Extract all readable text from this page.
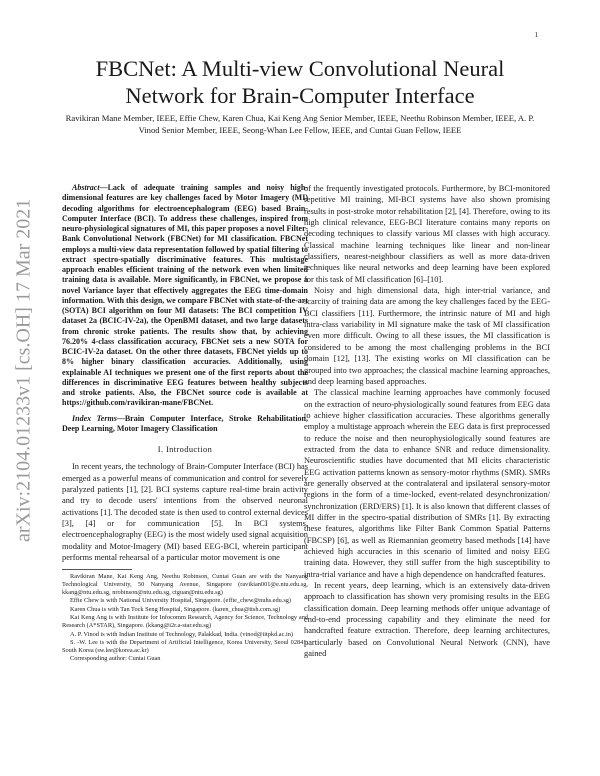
1
arXiv:2104.01233v1 [cs.OH] 17 Mar 2021
FBCNet: A Multi-view Convolutional Neural Network for Brain-Computer Interface

Ravikiran Mane Member, IEEE, Effie Chew, Karen Chua, Kai Keng Ang Senior Member, IEEE, Neethu Robinson Member, IEEE, A. P. Vinod Senior Member, IEEE, Seong-Whan Lee Fellow, IEEE, and Cuntai Guan Fellow, IEEE

Abstract—Lack of adequate training samples and noisy high-dimensional features are key challenges faced by Motor Imagery (MI) decoding algorithms for electroencephalogram (EEG) based Brain-Computer Interface (BCI). To address these challenges, inspired from neuro-physiological signatures of MI, this paper proposes a novel Filter-Bank Convolutional Network (FBCNet) for MI classification. FBCNet employs a multi-view data representation followed by spatial filtering to extract spectro-spatially discriminative features. This multistage approach enables efficient training of the network even when limited training data is available. More significantly, in FBCNet, we propose a novel Variance layer that effectively aggregates the EEG time-domain information. With this design, we compare FBCNet with state-of-the-art (SOTA) BCI algorithm on four MI datasets: The BCI competition IV dataset 2a (BCIC-IV-2a), the OpenBMI dataset, and two large datasets from chronic stroke patients. The results show that, by achieving 76.20% 4-class classification accuracy, FBCNet sets a new SOTA for BCIC-IV-2a dataset. On the other three datasets, FBCNet yields up to 8% higher binary classification accuracies. Additionally, using explainable AI techniques we present one of the first reports about the differences in discriminative EEG features between healthy subjects and stroke patients. Also, the FBCNet source code is available at https://github.com/ravikiran-mane/FBCNet.

Index Terms—Brain Computer Interface, Stroke Rehabilitation, Deep Learning, Motor Imagery Classification

I. Introduction

In recent years, the technology of Brain-Computer Interface (BCI) has emerged as a powerful means of communication and control for severely paralyzed patients [1], [2]. BCI systems capture real-time brain activity and try to decode users' intentions from the observed neuronal activations [1]. The decoded state is then used to control external devices [3], [4] or for communication [5]. In BCI systems, electroencephalography (EEG) is the most widely used signal acquisition modality and Motor-Imagery (MI) based EEG-BCI, wherein participant performs mental rehearsal of a particular motor movement is one

Ravikiran Mane, Kai Keng Ang, Neethu Robinson, Cuntai Guan are with the Nanyang Technological University, 50 Nanyang Avenue, Singapore (ravikian001@e.ntu.edu.sg, kkang@ntu.edu.sg, nrobinson@ntu.edu.sg, ctguan@ntu.edu.sg)

Effie Chew is with National University Hospital, Singapore. (effie_chew@nuhs.edu.sg)

Karen Chua is with Tan Tock Seng Hospital, Singapore. (karen_chua@ttsh.com.sg)

Kai Keng Ang is with Institute for Infocomm Research, Agency for Science, Technology and Research (A*STAR), Singapore. (kkang@i2r.a-star.edu.sg)

A. P. Vinod is with Indian Institute of Technology, Palakkad, India. (vinod@iitpkd.ac.in)

S. -W. Lee is with the Department of Artificial Intelligence, Korea University, Seoul 02841, South Korea (sw.lee@korea.ac.kr)

Corresponding author: Cuntai Guan

of the frequently investigated protocols. Furthermore, by BCI-monitored repetitive MI training, MI-BCI systems have also shown promising results in post-stroke motor rehabilitation [2], [4]. Therefore, owing to its high clinical relevance, EEG-BCI literature contains many reports on decoding techniques to classify various MI classes with high accuracy. Classical machine learning techniques like linear and non-linear classifiers, nearest-neighbour classifiers as well as more data-driven techniques like neural networks and deep learning have been explored for this task of MI classification [6]–[10].

Noisy and high dimensional data, high inter-trial variance, and scarcity of training data are among the key challenges faced by the EEG-BCI classifiers [11]. Furthermore, the intrinsic nature of MI and high intra-class variability in MI signature make the task of MI classification even more difficult. Owing to all these issues, the MI classification is considered to be among the most challenging problems in the BCI domain [12], [13]. The existing works on MI classification can be grouped into two approaches; the classical machine learning approaches, and deep learning based approaches.

The classical machine learning approaches have commonly focused on the extraction of neuro-physiologically sound features from EEG data to achieve higher classification accuracies. These algorithms generally employ a multistage approach wherein the EEG data is first preprocessed to reduce the noise and then neurophysiologically sound features are extracted from the data to enhance SNR and reduce dimensionality. Neuroscientific studies have documented that MI elicits characteristic EEG activation patterns known as sensory-motor rhythms (SMR). SMRs are generally observed at the contralateral and ipsilateral sensory-motor regions in the form of a time-locked, event-related desynchronization/ synchronization (ERD/ERS) [1]. It is also known that different classes of MI differ in the spectro-spatial distribution of SMRs [1]. By extracting these features, algorithms like Filter Bank Common Spatial Patterns (FBCSP) [6], as well as Riemannian geometry based methods [14] have achieved high accuracies in this scenario of limited and noisy EEG training data. However, they still suffer from the high susceptibility to intra-trial variance and have a high dependence on handcrafted features.

In recent years, deep learning, which is an extensively data-driven approach to classification has shown very promising results in the EEG classification domain. Deep learning methods offer unique advantage of end-to-end processing capability and they eliminate the need for handcrafted feature extraction. Therefore, deep learning architectures, particularly based on Convolutional Neural Network (CNN), have gained
